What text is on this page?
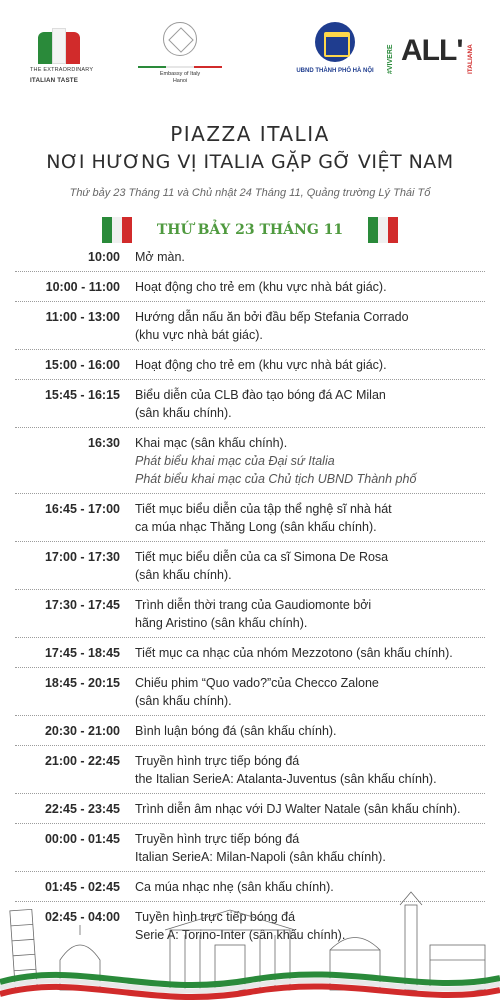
THE EXTRAORDINARY
ITALIAN TASTE
Embassy of Italy
Hanoi
UBND THÀNH PHỐ HÀ NỘI	#VIVERE ALL' ITALIANA
PIAZZA ITALIA
NƠI HƯƠNG VỊ ITALIA GẶP GỠ VIỆT NAM
Thứ bảy 23 Tháng 11 và Chủ nhật 24 Tháng 11, Quảng trường Lý Thái Tổ
THỨ BẢY 23 THÁNG 11
10:00 Mở màn.
10:00 - 11:00 Hoạt động cho trẻ em (khu vực nhà bát giác).
11:00 - 13:00 Hướng dẫn nấu ăn bởi đầu bếp Stefania Corrado
(khu vực nhà bát giác).
15:00 - 16:00 Hoạt động cho trẻ em (khu vực nhà bát giác).
15:45 - 16:15 Biểu diễn của CLB đào tạo bóng đá AC Milan
(sân khấu chính).
16:30 Khai mạc (sân khấu chính).
Phát biểu khai mạc của Đại sứ Italia
Phát biểu khai mạc của Chủ tịch UBND Thành phố
16:45 - 17:00 Tiết mục biểu diễn của tập thể nghệ sĩ nhà hát
ca múa nhạc Thăng Long (sân khấu chính).
17:00 - 17:30 Tiết mục biểu diễn của ca sĩ Simona De Rosa
(sân khấu chính).
17:30 - 17:45 Trình diễn thời trang của Gaudiomonte bởi
hãng Aristino (sân khấu chính).
17:45 - 18:45 Tiết mục ca nhạc của nhóm Mezzotono (sân khấu chính).
18:45 - 20:15 Chiếu phim “Quo vado?”của Checco Zalone
(sân khấu chính).
20:30 - 21:00 Bình luận bóng đá (sân khấu chính).
21:00 - 22:45 Truyền hình trực tiếp bóng đá
the Italian SerieA: Atalanta-Juventus (sân khấu chính).
22:45 - 23:45 Trình diễn âm nhạc với DJ Walter Natale (sân khấu chính).
00:00 - 01:45 Truyền hình trực tiếp bóng đá
Italian SerieA: Milan-Napoli (sân khấu chính).
01:45 - 02:45 Ca múa nhạc nhẹ (sân khấu chính).
02:45 - 04:00 Tuyền hình trực tiếp bóng đá
Serie A: Torino-Inter (sân khấu chính).
